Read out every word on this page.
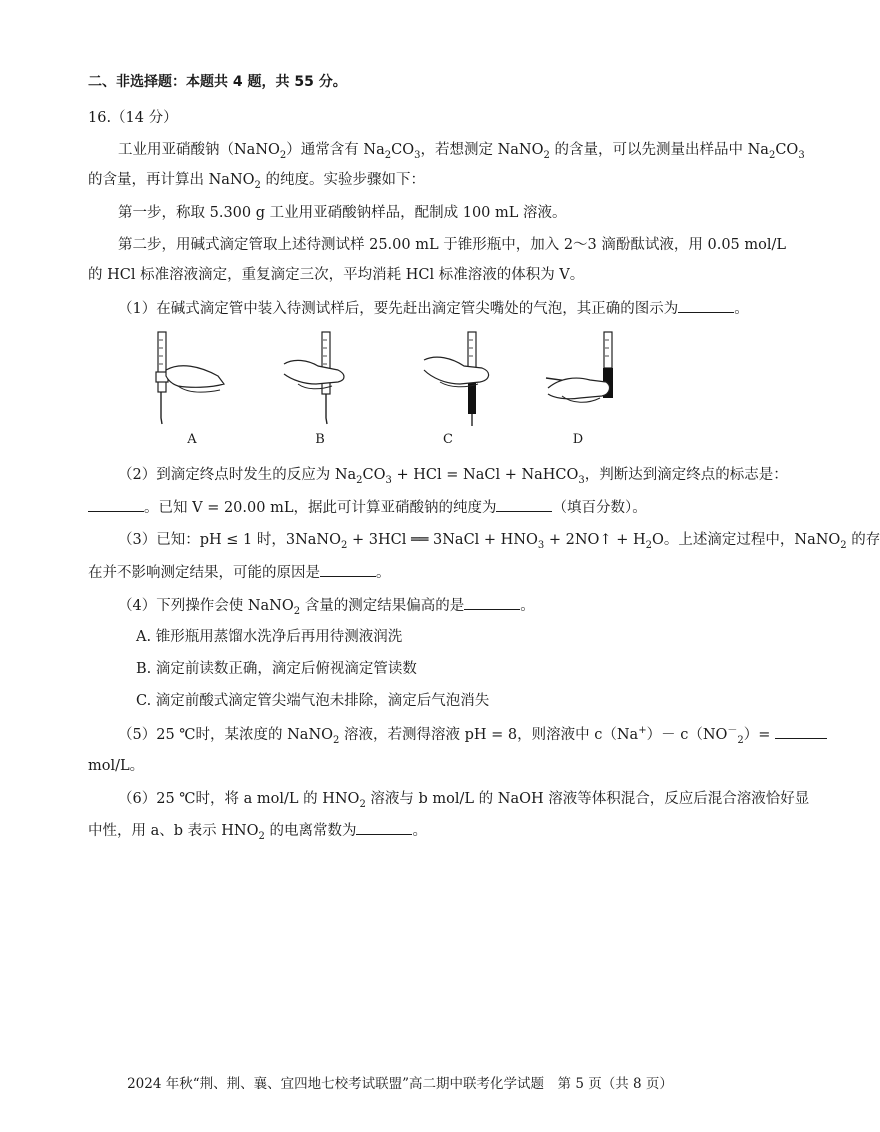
二、非选择题：本题共 4 题，共 55 分。
16.（14 分）
工业用亚硝酸钠（NaNO$_2$）通常含有 $Na_2CO_3$，若想测定 NaNO$_2$ 的含量，可以先测量出样品中 $Na_2CO_3$
的含量，再计算出 NaNO$_2$ 的纯度。实验步骤如下：
第一步，称取 5.300 g 工业用亚硝酸钠样品，配制成 100 mL 溶液。
第二步，用碱式滴定管取上述待测试样 25.00 mL 于锥形瓶中，加入 2～3 滴酚酞试液，用 0.05 mol/L
的 HCl 标准溶液滴定，重复滴定三次，平均消耗 HCl 标准溶液的体积为 V。
（1）在碱式滴定管中装入待测试样后，要先赶出滴定管尖嘴处的气泡，其正确的图示为	。
A	B	C	D
（2）到滴定终点时发生的反应为 $Na_2CO_3$ + HCl = NaCl + NaHCO$_3$，判断达到滴定终点的标志是：
。已知 V = 20.00 mL，据此可计算亚硝酸钠的纯度为	（填百分数）。
（3）已知：pH ≤ 1 时，3NaNO$_2$ + 3HCl ══ 3NaCl + $HNO_3$ + 2NO↑ + $H_2O$。上述滴定过程中，NaNO$_2$ 的存
在并不影响测定结果，可能的原因是	。
（4）下列操作会使 NaNO$_2$ 含量的测定结果偏高的是	。
A. 锥形瓶用蒸馏水洗净后再用待测液润洗
B. 滴定前读数正确，滴定后俯视滴定管读数
C. 滴定前酸式滴定管尖端气泡未排除，滴定后气泡消失
（5）25 ℃时，某浓度的 NaNO$_2$ 溶液，若测得溶液 pH = 8，则溶液中 $c(Na^+)- c(NO^-_2)=$
mol/L。
（6）25 ℃时，将 a mol/L 的 $HNO_2$ 溶液与 b mol/L 的 NaOH 溶液等体积混合，反应后混合溶液恰好显
中性，用 a、b 表示 $HNO_2$ 的电离常数为	。
2024 年秋“荆、荆、襄、宜四地七校考试联盟”高二期中联考化学试题　第 5 页（共 8 页）
